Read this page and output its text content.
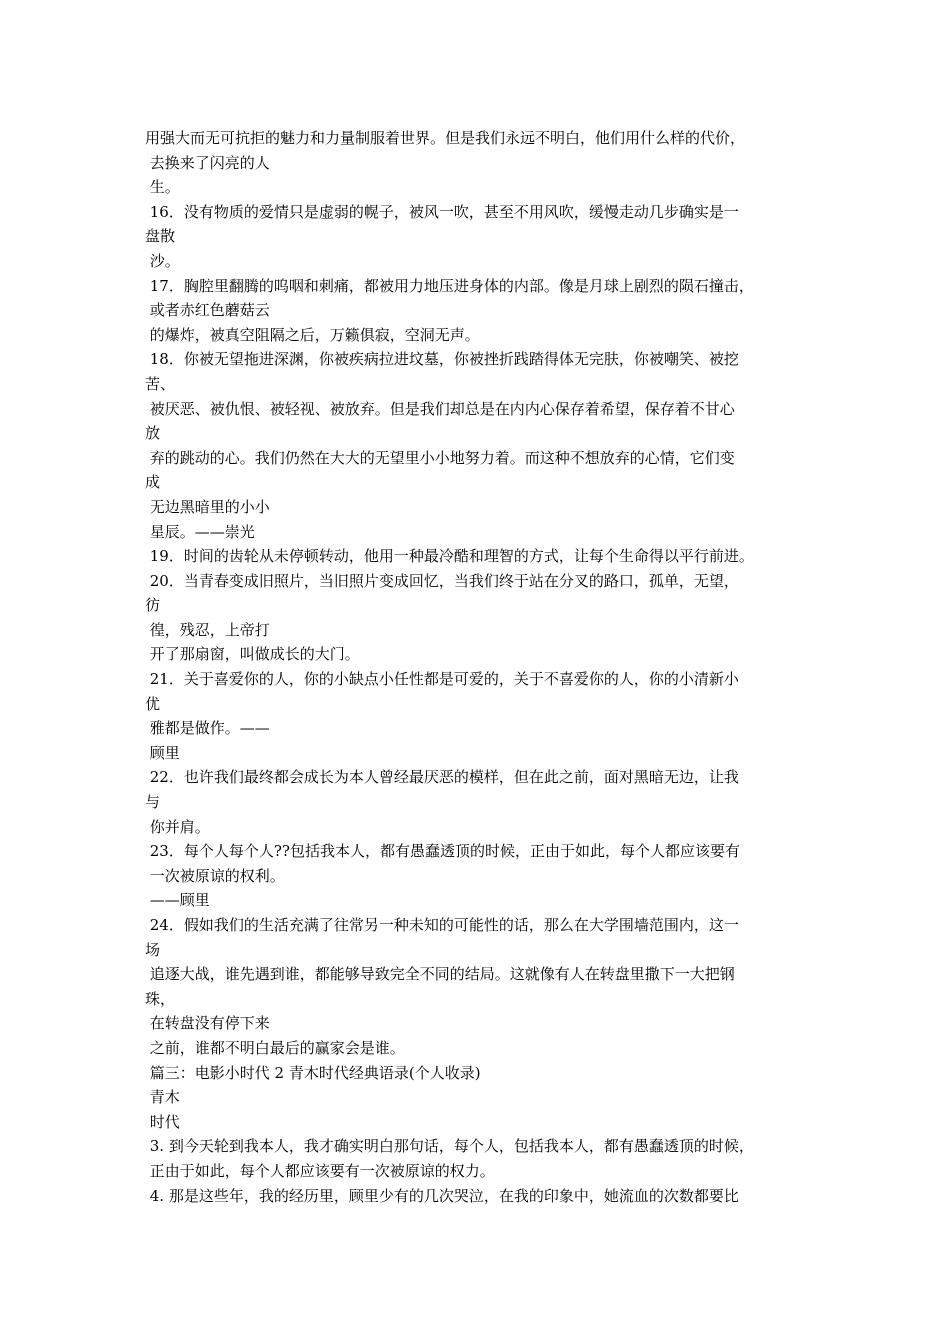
用强大而无可抗拒的魅力和力量制服着世界。但是我们永远不明白，他们用什么样的代价，
去换来了闪亮的人
生。
16．没有物质的爱情只是虚弱的幌子，被风一吹，甚至不用风吹，缓慢走动几步确实是一
盘散
沙。
17．胸腔里翻腾的呜咽和刺痛，都被用力地压进身体的内部。像是月球上剧烈的陨石撞击，
或者赤红色蘑菇云
的爆炸，被真空阻隔之后，万籁俱寂，空洞无声。
18．你被无望拖进深渊，你被疾病拉进坟墓，你被挫折践踏得体无完肤，你被嘲笑、被挖
苦、
被厌恶、被仇恨、被轻视、被放弃。但是我们却总是在内内心保存着希望，保存着不甘心
放
弃的跳动的心。我们仍然在大大的无望里小小地努力着。而这种不想放弃的心情，它们变
成
无边黑暗里的小小
星辰。——崇光
19．时间的齿轮从未停顿转动，他用一种最冷酷和理智的方式，让每个生命得以平行前进。
20．当青春变成旧照片，当旧照片变成回忆，当我们终于站在分叉的路口，孤单，无望，
彷
徨，残忍，上帝打
开了那扇窗，叫做成长的大门。
21．关于喜爱你的人，你的小缺点小任性都是可爱的，关于不喜爱你的人，你的小清新小
优
雅都是做作。——
顾里
22．也许我们最终都会成长为本人曾经最厌恶的模样，但在此之前，面对黑暗无边，让我
与
你并肩。
23．每个人每个人??包括我本人，都有愚蠢透顶的时候，正由于如此，每个人都应该要有
一次被原谅的权利。
——顾里
24．假如我们的生活充满了往常另一种未知的可能性的话，那么在大学围墙范围内，这一
场
追逐大战，谁先遇到谁，都能够导致完全不同的结局。这就像有人在转盘里撒下一大把钢
珠，
在转盘没有停下来
之前，谁都不明白最后的赢家会是谁。
篇三：电影小时代 2 青木时代经典语录(个人收录)
青木
时代
3. 到今天轮到我本人，我才确实明白那句话，每个人，包括我本人，都有愚蠢透顶的时候，
正由于如此，每个人都应该要有一次被原谅的权力。
4. 那是这些年，我的经历里，顾里少有的几次哭泣，在我的印象中，她流血的次数都要比
